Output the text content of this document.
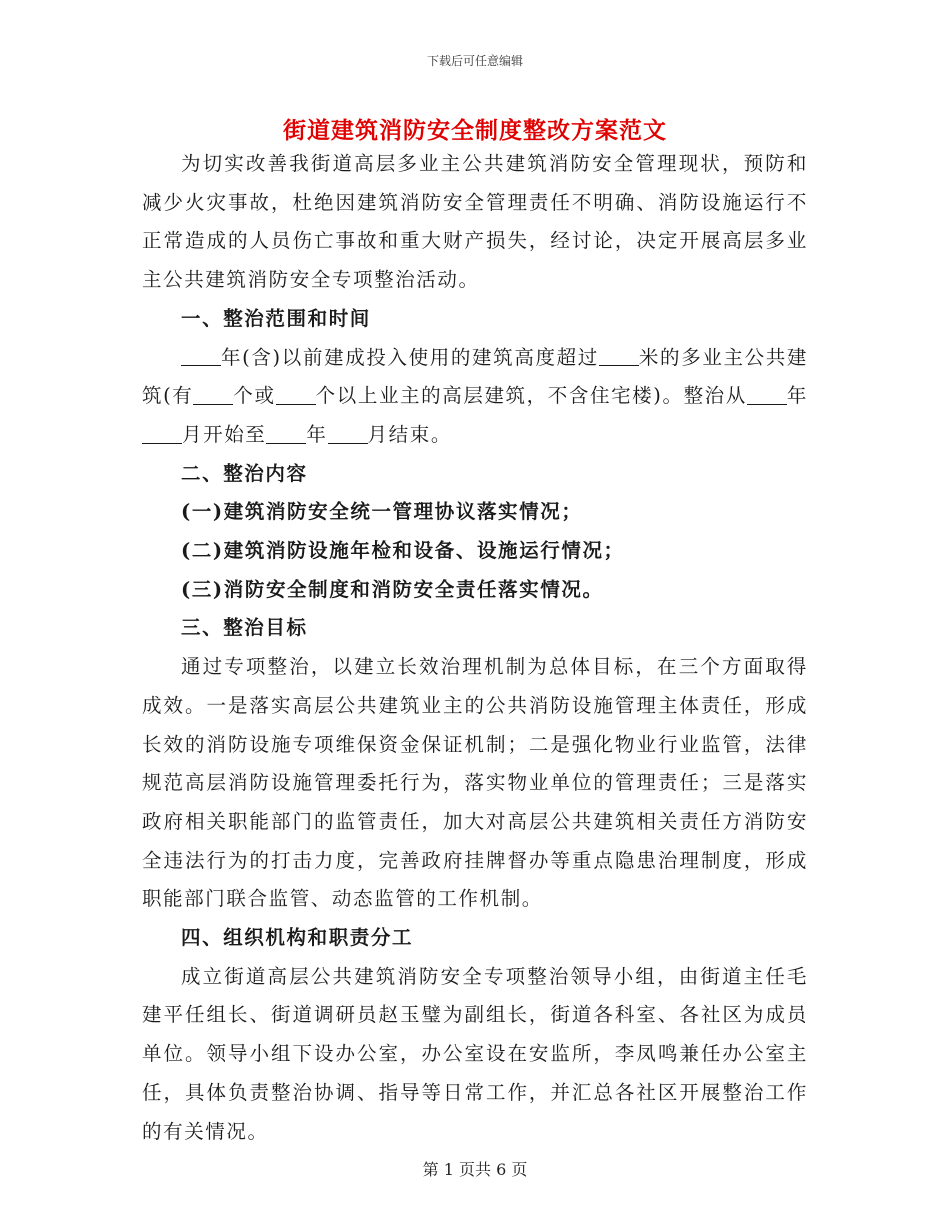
下载后可任意编辑
街道建筑消防安全制度整改方案范文

为切实改善我街道高层多业主公共建筑消防安全管理现状，预防和减少火灾事故，杜绝因建筑消防安全管理责任不明确、消防设施运行不正常造成的人员伤亡事故和重大财产损失，经讨论，决定开展高层多业主公共建筑消防安全专项整治活动。

一、整治范围和时间

年(含)以前建成投入使用的建筑高度超过 米的多业主公共建筑(有 个或 个以上业主的高层建筑，不含住宅楼)。整治从 年月开始至 年 月结束。

二、整治内容

(一)建筑消防安全统一管理协议落实情况；

(二)建筑消防设施年检和设备、设施运行情况；

(三)消防安全制度和消防安全责任落实情况。

三、整治目标

通过专项整治，以建立长效治理机制为总体目标，在三个方面取得成效。一是落实高层公共建筑业主的公共消防设施管理主体责任，形成长效的消防设施专项维保资金保证机制；二是强化物业行业监管，法律规范高层消防设施管理委托行为，落实物业单位的管理责任；三是落实政府相关职能部门的监管责任，加大对高层公共建筑相关责任方消防安全违法行为的打击力度，完善政府挂牌督办等重点隐患治理制度，形成职能部门联合监管、动态监管的工作机制。

四、组织机构和职责分工

成立街道高层公共建筑消防安全专项整治领导小组，由街道主任毛建平任组长、街道调研员赵玉璧为副组长，街道各科室、各社区为成员单位。领导小组下设办公室，办公室设在安监所，李凤鸣兼任办公室主任，具体负责整治协调、指导等日常工作，并汇总各社区开展整治工作的有关情况。

第 1 页共 6 页
